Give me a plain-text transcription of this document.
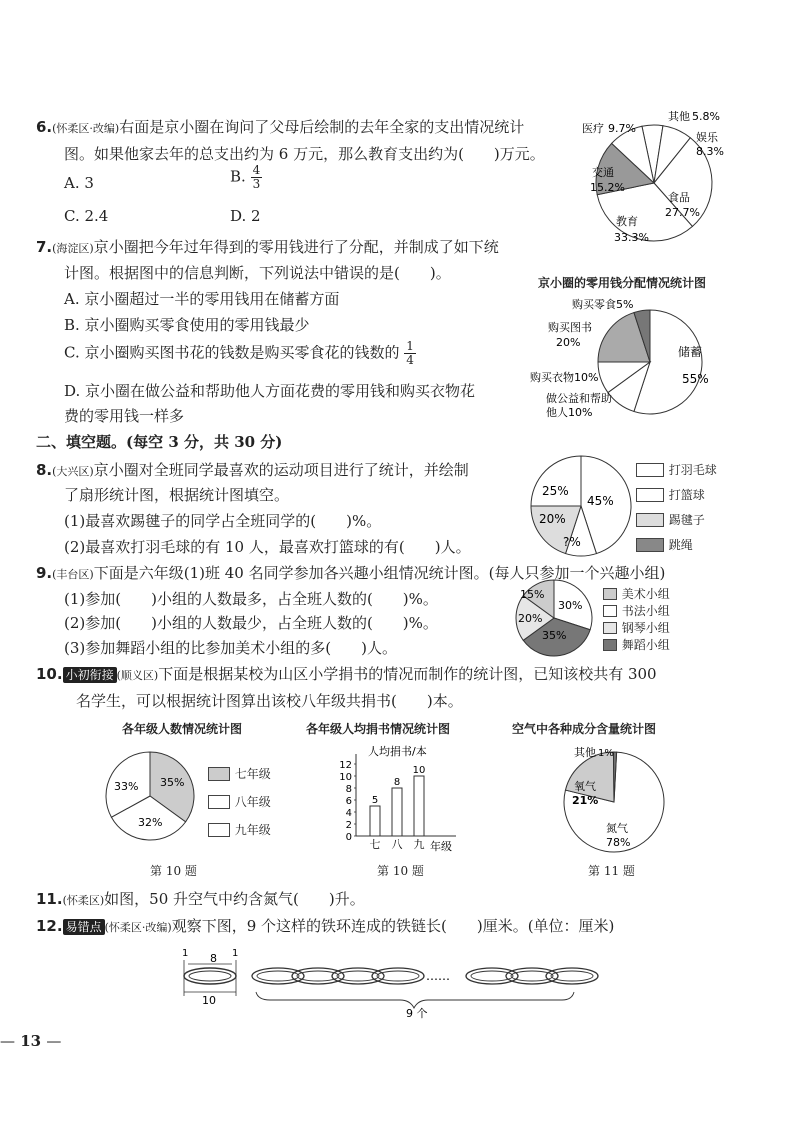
6.(怀柔区·改编)右面是京小圈在询问了父母后绘制的去年全家的支出情况统计
图。如果他家去年的总支出约为 6 万元，那么教育支出约为(　　)万元。
A. 3	B. $\frac{4}{3}$
C. 2.4	D. 2
医疗 9.7%
其他 5.8%
娱乐
8.3%
食品
27.7%
教育
33.3%
交通
15.2%
7.(海淀区)京小圈把今年过年得到的零用钱进行了分配，并制成了如下统
计图。根据图中的信息判断，下列说法中错误的是(　　)。
A. 京小圈超过一半的零用钱用在储蓄方面
B. 京小圈购买零食使用的零用钱最少
C. 京小圈购买图书花的钱数是购买零食花的钱数的 $\frac{1}{4}$
D. 京小圈在做公益和帮助他人方面花费的零用钱和购买衣物花
费的零用钱一样多
京小圈的零用钱分配情况统计图
储蓄
55%
做公益和帮助
他人10%
购买衣物10%
购买图书
20%
购买零食5%
二、填空题。(每空 3 分，共 30 分)
8.(大兴区)京小圈对全班同学最喜欢的运动项目进行了统计，并绘制
了扇形统计图，根据统计图填空。
(1)最喜欢踢毽子的同学占全班同学的(　　)%。
(2)最喜欢打羽毛球的有 10 人，最喜欢打篮球的有(　　)人。
25%
45%
20%
?%
打羽毛球
打篮球
踢毽子
跳绳
9.(丰台区)下面是六年级(1)班 40 名同学参加各兴趣小组情况统计图。(每人只参加一个兴趣小组)
(1)参加(　　)小组的人数最多，占全班人数的(　　)%。
(2)参加(　　)小组的人数最少，占全班人数的(　　)%。
(3)参加舞蹈小组的比参加美术小组的多(　　)人。
15%
30%
35%
20%
美术小组
书法小组
钢琴小组
舞蹈小组
10. 小初衔接 (顺义区)下面是根据某校为山区小学捐书的情况而制作的统计图，已知该校共有 300
名学生，可以根据统计图算出该校八年级共捐书(　　)本。
各年级人数情况统计图
35%
32%
33%
七年级
八年级
九年级
第 10 题
各年级人均捐书情况统计图
0
2
4
6
8
10
12
5
七
8
八
10
九
人均捐书/本
年级
第 10 题
空气中各种成分含量统计图
其他 1%
氧气
21%
氮气
78%
第 11 题
11.(怀柔区)如图，50 升空气中约含氮气(　　)升。
12. 易错点 (怀柔区·改编)观察下图，9 个这样的铁环连成的铁链长(　　)厘米。(单位：厘米)
1 8 1
10
……
9 个
— 13 —
